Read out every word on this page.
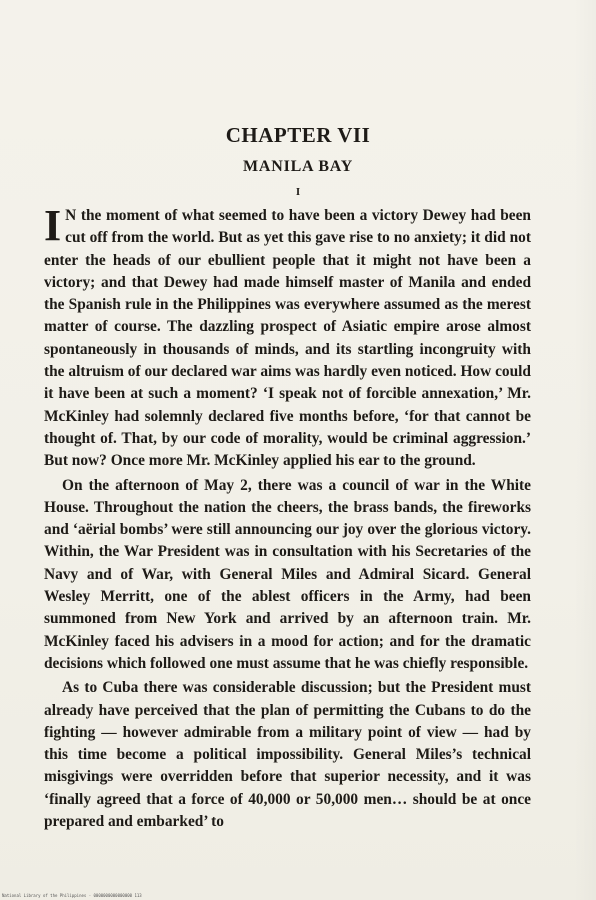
CHAPTER VII
MANILA BAY
I

I N the moment of what seemed to have been a victory Dewey had been cut off from the world. But as yet this gave rise to no anxiety; it did not enter the heads of our ebullient people that it might not have been a victory; and that Dewey had made himself master of Manila and ended the Spanish rule in the Philippines was everywhere assumed as the merest matter of course. The dazzling prospect of Asiatic empire arose almost spontaneously in thousands of minds, and its startling incongruity with the altruism of our declared war aims was hardly even noticed. How could it have been at such a moment? ‘I speak not of forcible annexation,’ Mr. McKinley had solemnly declared five months before, ‘for that cannot be thought of. That, by our code of morality, would be criminal aggression.’ But now? Once more Mr. McKinley applied his ear to the ground.

On the afternoon of May 2, there was a council of war in the White House. Throughout the nation the cheers, the brass bands, the fireworks and ‘aërial bombs’ were still announcing our joy over the glorious victory. Within, the War President was in consultation with his Secretaries of the Navy and of War, with General Miles and Admiral Sicard. General Wesley Merritt, one of the ablest officers in the Army, had been summoned from New York and arrived by an afternoon train. Mr. McKinley faced his advisers in a mood for action; and for the dramatic decisions which followed one must assume that he was chiefly responsible.

As to Cuba there was considerable discussion; but the President must already have perceived that the plan of permitting the Cubans to do the fighting — however admirable from a military point of view — had by this time become a political impossibility. General Miles’s technical misgivings were overridden before that superior necessity, and it was ‘finally agreed that a force of 40,000 or 50,000 men… should be at once prepared and embarked’ to

National Library of the Philippines · 0000000000000000 113
